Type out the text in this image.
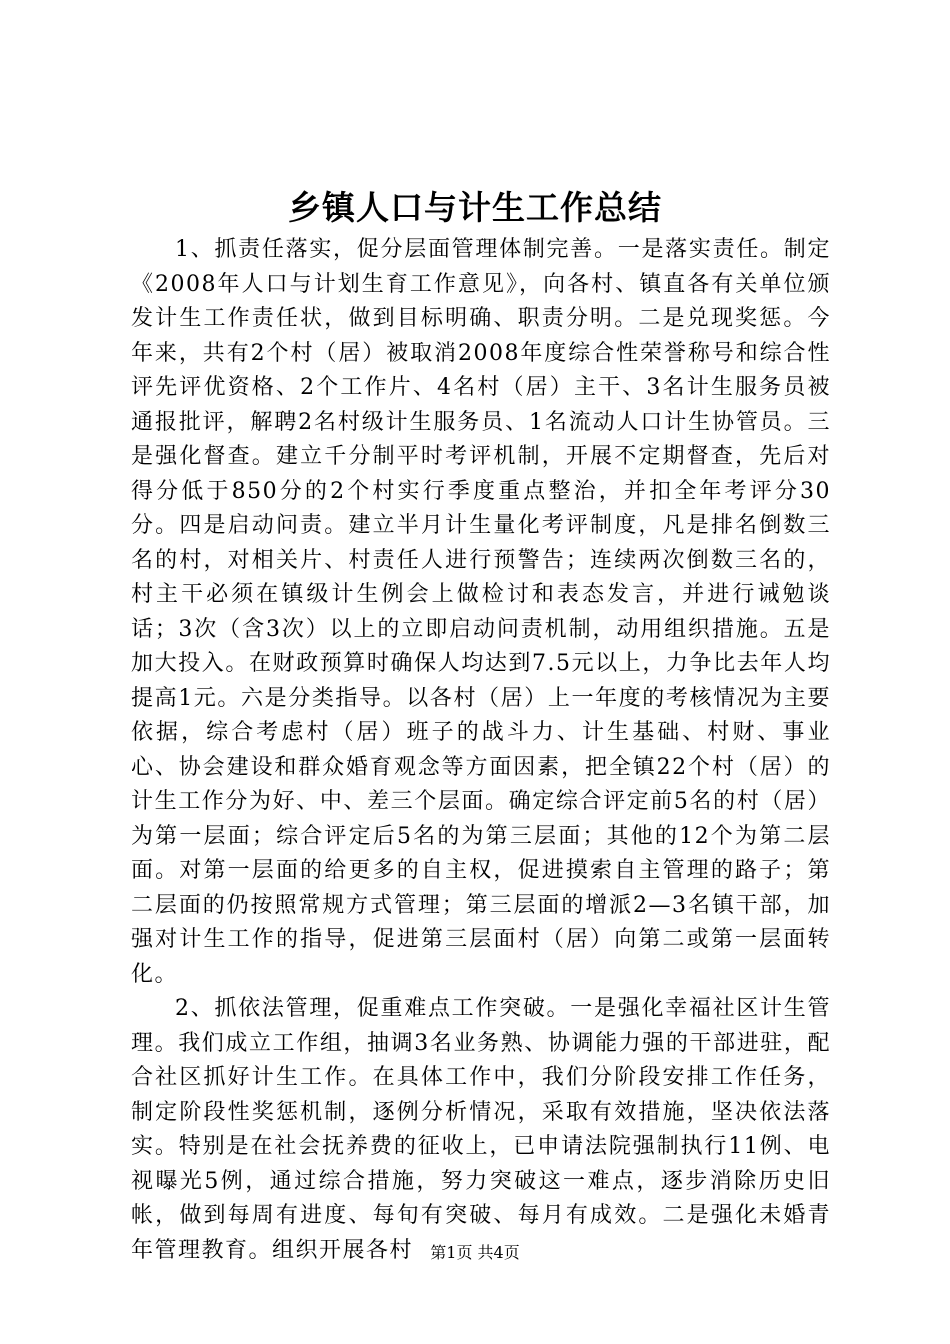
乡镇人口与计生工作总结

1、抓责任落实，促分层面管理体制完善。一是落实责任。制定《2008年人口与计划生育工作意见》，向各村、镇直各有关单位颁发计生工作责任状，做到目标明确、职责分明。二是兑现奖惩。今年来，共有2个村（居）被取消2008年度综合性荣誉称号和综合性评先评优资格、2个工作片、4名村（居）主干、3名计生服务员被通报批评，解聘2名村级计生服务员、1名流动人口计生协管员。三是强化督查。建立千分制平时考评机制，开展不定期督查，先后对得分低于850分的2个村实行季度重点整治，并扣全年考评分30分。四是启动问责。建立半月计生量化考评制度，凡是排名倒数三名的村，对相关片、村责任人进行预警告；连续两次倒数三名的，村主干必须在镇级计生例会上做检讨和表态发言，并进行诫勉谈话；3次（含3次）以上的立即启动问责机制，动用组织措施。五是加大投入。在财政预算时确保人均达到7.5元以上，力争比去年人均提高1元。六是分类指导。以各村（居）上一年度的考核情况为主要依据，综合考虑村（居）班子的战斗力、计生基础、村财、事业心、协会建设和群众婚育观念等方面因素，把全镇22个村（居）的计生工作分为好、中、差三个层面。确定综合评定前5名的村（居）为第一层面；综合评定后5名的为第三层面；其他的12个为第二层面。对第一层面的给更多的自主权，促进摸索自主管理的路子；第二层面的仍按照常规方式管理；第三层面的增派2—3名镇干部，加强对计生工作的指导，促进第三层面村（居）向第二或第一层面转化。

2、抓依法管理，促重难点工作突破。一是强化幸福社区计生管理。我们成立工作组，抽调3名业务熟、协调能力强的干部进驻，配合社区抓好计生工作。在具体工作中，我们分阶段安排工作任务，制定阶段性奖惩机制，逐例分析情况，采取有效措施，坚决依法落实。特别是在社会抚养费的征收上，已申请法院强制执行11例、电视曝光5例，通过综合措施，努力突破这一难点，逐步消除历史旧帐，做到每周有进度、每旬有突破、每月有成效。二是强化未婚青年管理教育。组织开展各村	第1页 共4页
